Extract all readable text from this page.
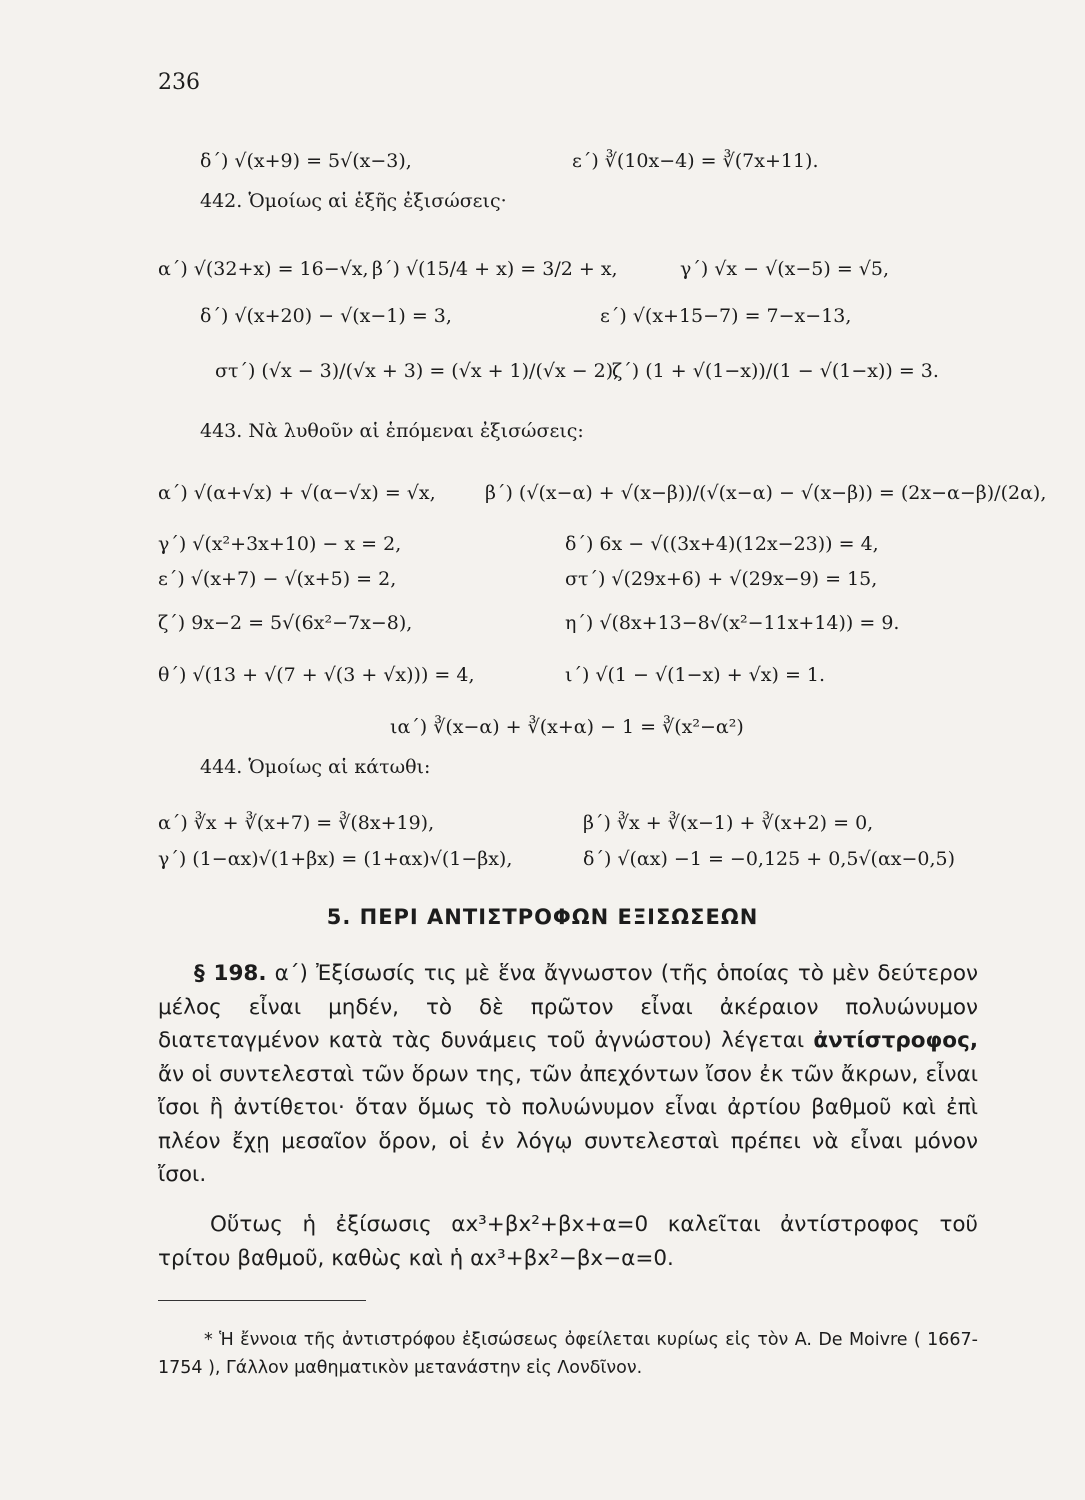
236
δ΄) √(x+9) = 5√(x−3),	ε΄) ∛(10x−4) = ∛(7x+11).
442. Ὁμοίως αἱ ἑξῆς ἐξισώσεις·
α΄) √(32+x) = 16−√x, β΄) √(15/4 + x) = 3/2 + x,	γ΄) √x − √(x−5) = √5,
δ΄) √(x+20) − √(x−1) = 3,	ε΄) √(x+15−7) = 7−x−13,
στ΄) (√x − 3)/(√x + 3) = (√x + 1)/(√x − 2),
ζ΄) (1 + √(1−x))/(1 − √(1−x)) = 3.
443. Νὰ λυθοῦν αἱ ἑπόμεναι ἐξισώσεις:
α΄) √(α+√x) + √(α−√x) = √x,	β΄) (√(x−α) + √(x−β))/(√(x−α) − √(x−β)) = (2x−α−β)/(2α),
γ΄) √(x²+3x+10) − x = 2,	δ΄) 6x − √((3x+4)(12x−23)) = 4,
ε΄) √(x+7) − √(x+5) = 2,	στ΄) √(29x+6) + √(29x−9) = 15,
ζ΄) 9x−2 = 5√(6x²−7x−8),	η΄) √(8x+13−8√(x²−11x+14)) = 9.
θ΄) √(13 + √(7 + √(3 + √x))) = 4,	ι΄) √(1 − √(1−x) + √x) = 1.
ια΄) ∛(x−α) + ∛(x+α) − 1 = ∛(x²−α²)
444. Ὁμοίως αἱ κάτωθι:
α΄) ∛x + ∛(x+7) = ∛(8x+19),	β΄) ∛x + ∛(x−1) + ∛(x+2) = 0,
γ΄) (1−αx)√(1+βx) = (1+αx)√(1−βx),	δ΄) √(αx) −1 = −0,125 + 0,5√(αx−0,5)
5. ΠΕΡΙ ΑΝΤΙΣΤΡΟΦΩΝ ΕΞΙΣΩΣΕΩΝ
§ 198. α΄) Ἐξίσωσίς τις μὲ ἕνα ἄγνωστον (τῆς ὁποίας τὸ μὲν δεύτερον μέλος εἶναι μηδέν, τὸ δὲ πρῶτον εἶναι ἀκέραιον πολυώνυμον διατεταγμένον κατὰ τὰς δυνάμεις τοῦ ἀγνώστου) λέγεται ἀντίστροφος, ἄν οἱ συντελεσταὶ τῶν ὅρων της, τῶν ἀπεχόντων ἴσον ἐκ τῶν ἄκρων, εἶναι ἴσοι ἢ ἀντίθετοι· ὅταν ὅμως τὸ πολυώνυμον εἶναι ἀρτίου βαθμοῦ καὶ ἐπὶ πλέον ἔχῃ μεσαῖον ὅρον, οἱ ἐν λόγῳ συντελεσταὶ πρέπει νὰ εἶναι μόνον ἴσοι.
Οὕτως ἡ ἐξίσωσις αx³+βx²+βx+α=0 καλεῖται ἀντίστροφος τοῦ τρίτου βαθμοῦ, καθὼς καὶ ἡ αx³+βx²−βx−α=0.
* Ἡ ἔννοια τῆς ἀντιστρόφου ἐξισώσεως ὀφείλεται κυρίως εἰς τὸν A. De Moivre ( 1667-1754 ), Γάλλον μαθηματικὸν μετανάστην εἰς Λονδῖνον.
